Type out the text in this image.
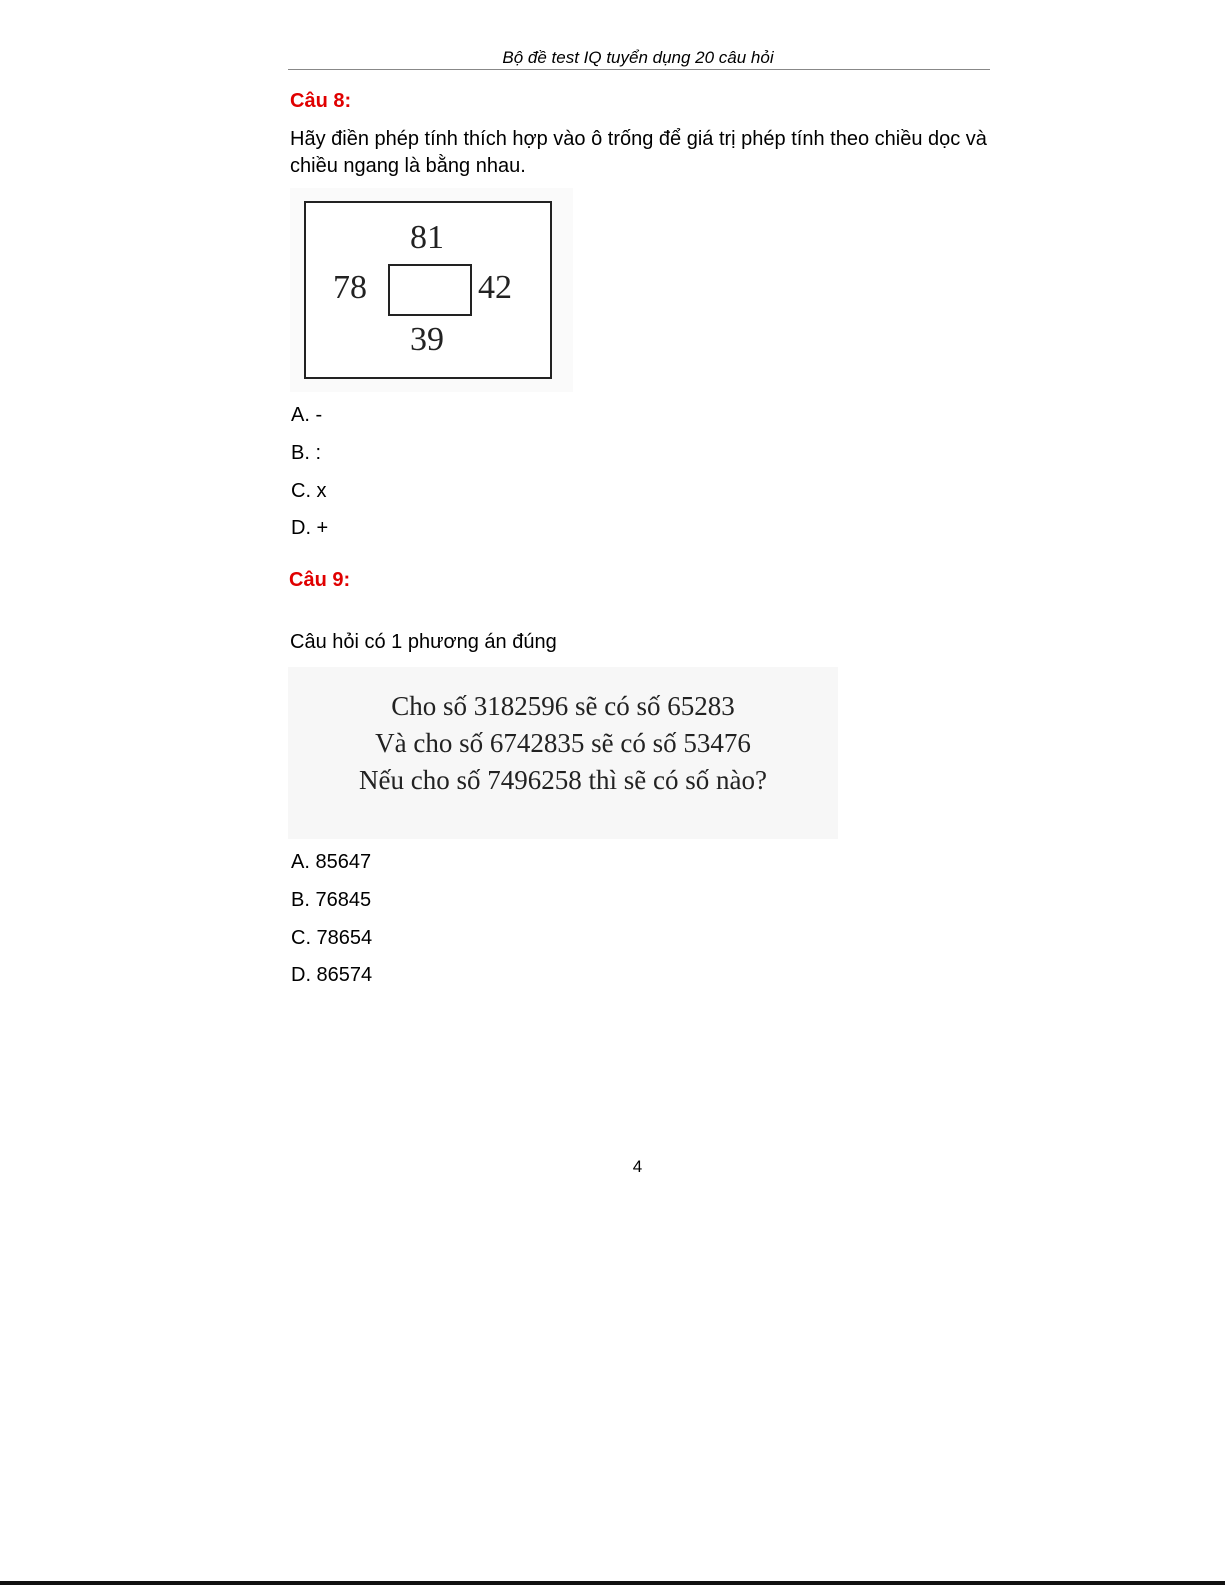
Bộ đề test IQ tuyển dụng 20 câu hỏi
Câu 8:
Hãy điền phép tính thích hợp vào ô trống để giá trị phép tính theo chiều dọc và chiều ngang là bằng nhau.
81
78	42
39
A. -
B. :
C. x
D. +
Câu 9:
Câu hỏi có 1 phương án đúng
Cho số 3182596 sẽ có số 65283
Và cho số 6742835 sẽ có số 53476
Nếu cho số 7496258 thì sẽ có số nào?
A. 85647
B. 76845
C. 78654
D. 86574
4
